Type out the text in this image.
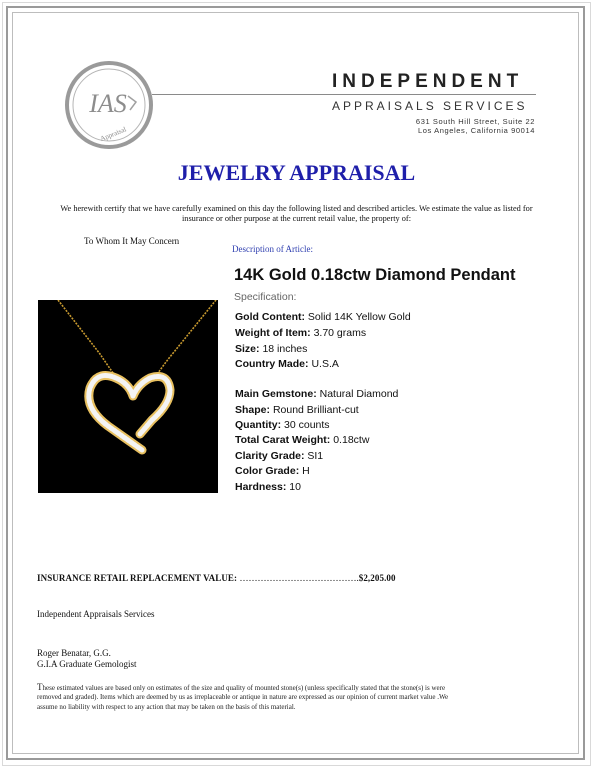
IAS
Appraisal
INDEPENDENT
APPRAISALS SERVICES
631 South Hill Street, Suite 22
Los Angeles, California 90014
JEWELRY APPRAISAL
We herewith certify that we have carefully examined on this day the following listed and described articles. We estimate the value as listed for insurance or other purpose at the current retail value, the property of:
To Whom It May Concern
Description of Article:
14K Gold 0.18ctw Diamond Pendant
Specification:
Gold Content: Solid 14K Yellow Gold
Weight of Item: 3.70 grams
Size: 18 inches
Country Made: U.S.A
Main Gemstone: Natural Diamond
Shape: Round Brilliant-cut
Quantity: 30 counts
Total Carat Weight: 0.18ctw
Clarity Grade: SI1
Color Grade: H
Hardness: 10
INSURANCE RETAIL REPLACEMENT VALUE: ………………………………….$2,205.00
Independent Appraisals Services
Roger Benatar, G.G.
G.I.A Graduate Gemologist
These estimated values are based only on estimates of the size and quality of mounted stone(s) (unless specifically stated that the stone(s) is were removed and graded). Items which are deemed by us as irreplaceable or antique in nature are expressed as our opinion of current market value .We assume no liability with respect to any action that may be taken on the basis of this material.
